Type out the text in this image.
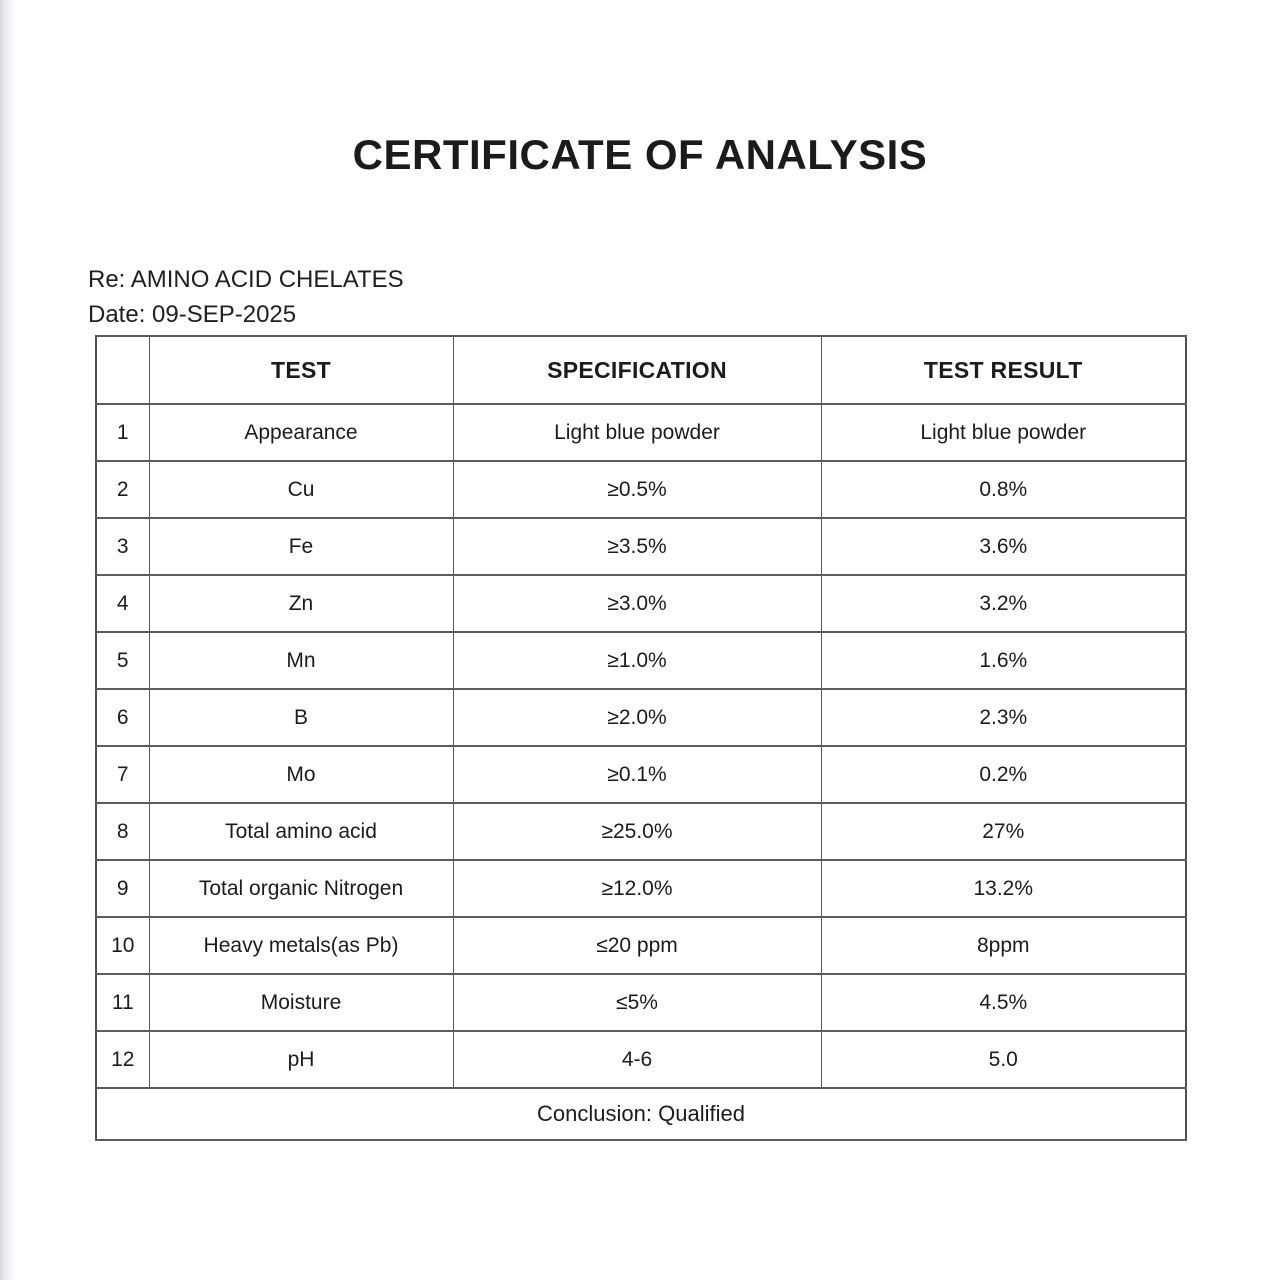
CERTIFICATE OF ANALYSIS
Re: AMINO ACID CHELATES
Date: 09-SEP-2025
	TEST	SPECIFICATION	TEST RESULT
1	Appearance	Light blue powder	Light blue powder
2	Cu	≥0.5%	0.8%
3	Fe	≥3.5%	3.6%
4	Zn	≥3.0%	3.2%
5	Mn	≥1.0%	1.6%
6	B	≥2.0%	2.3%
7	Mo	≥0.1%	0.2%
8	Total amino acid	≥25.0%	27%
9	Total organic Nitrogen	≥12.0%	13.2%
10	Heavy metals(as Pb)	≤20 ppm	8ppm
11	Moisture	≤5%	4.5%
12	pH	4-6	5.0
Conclusion: Qualified			
